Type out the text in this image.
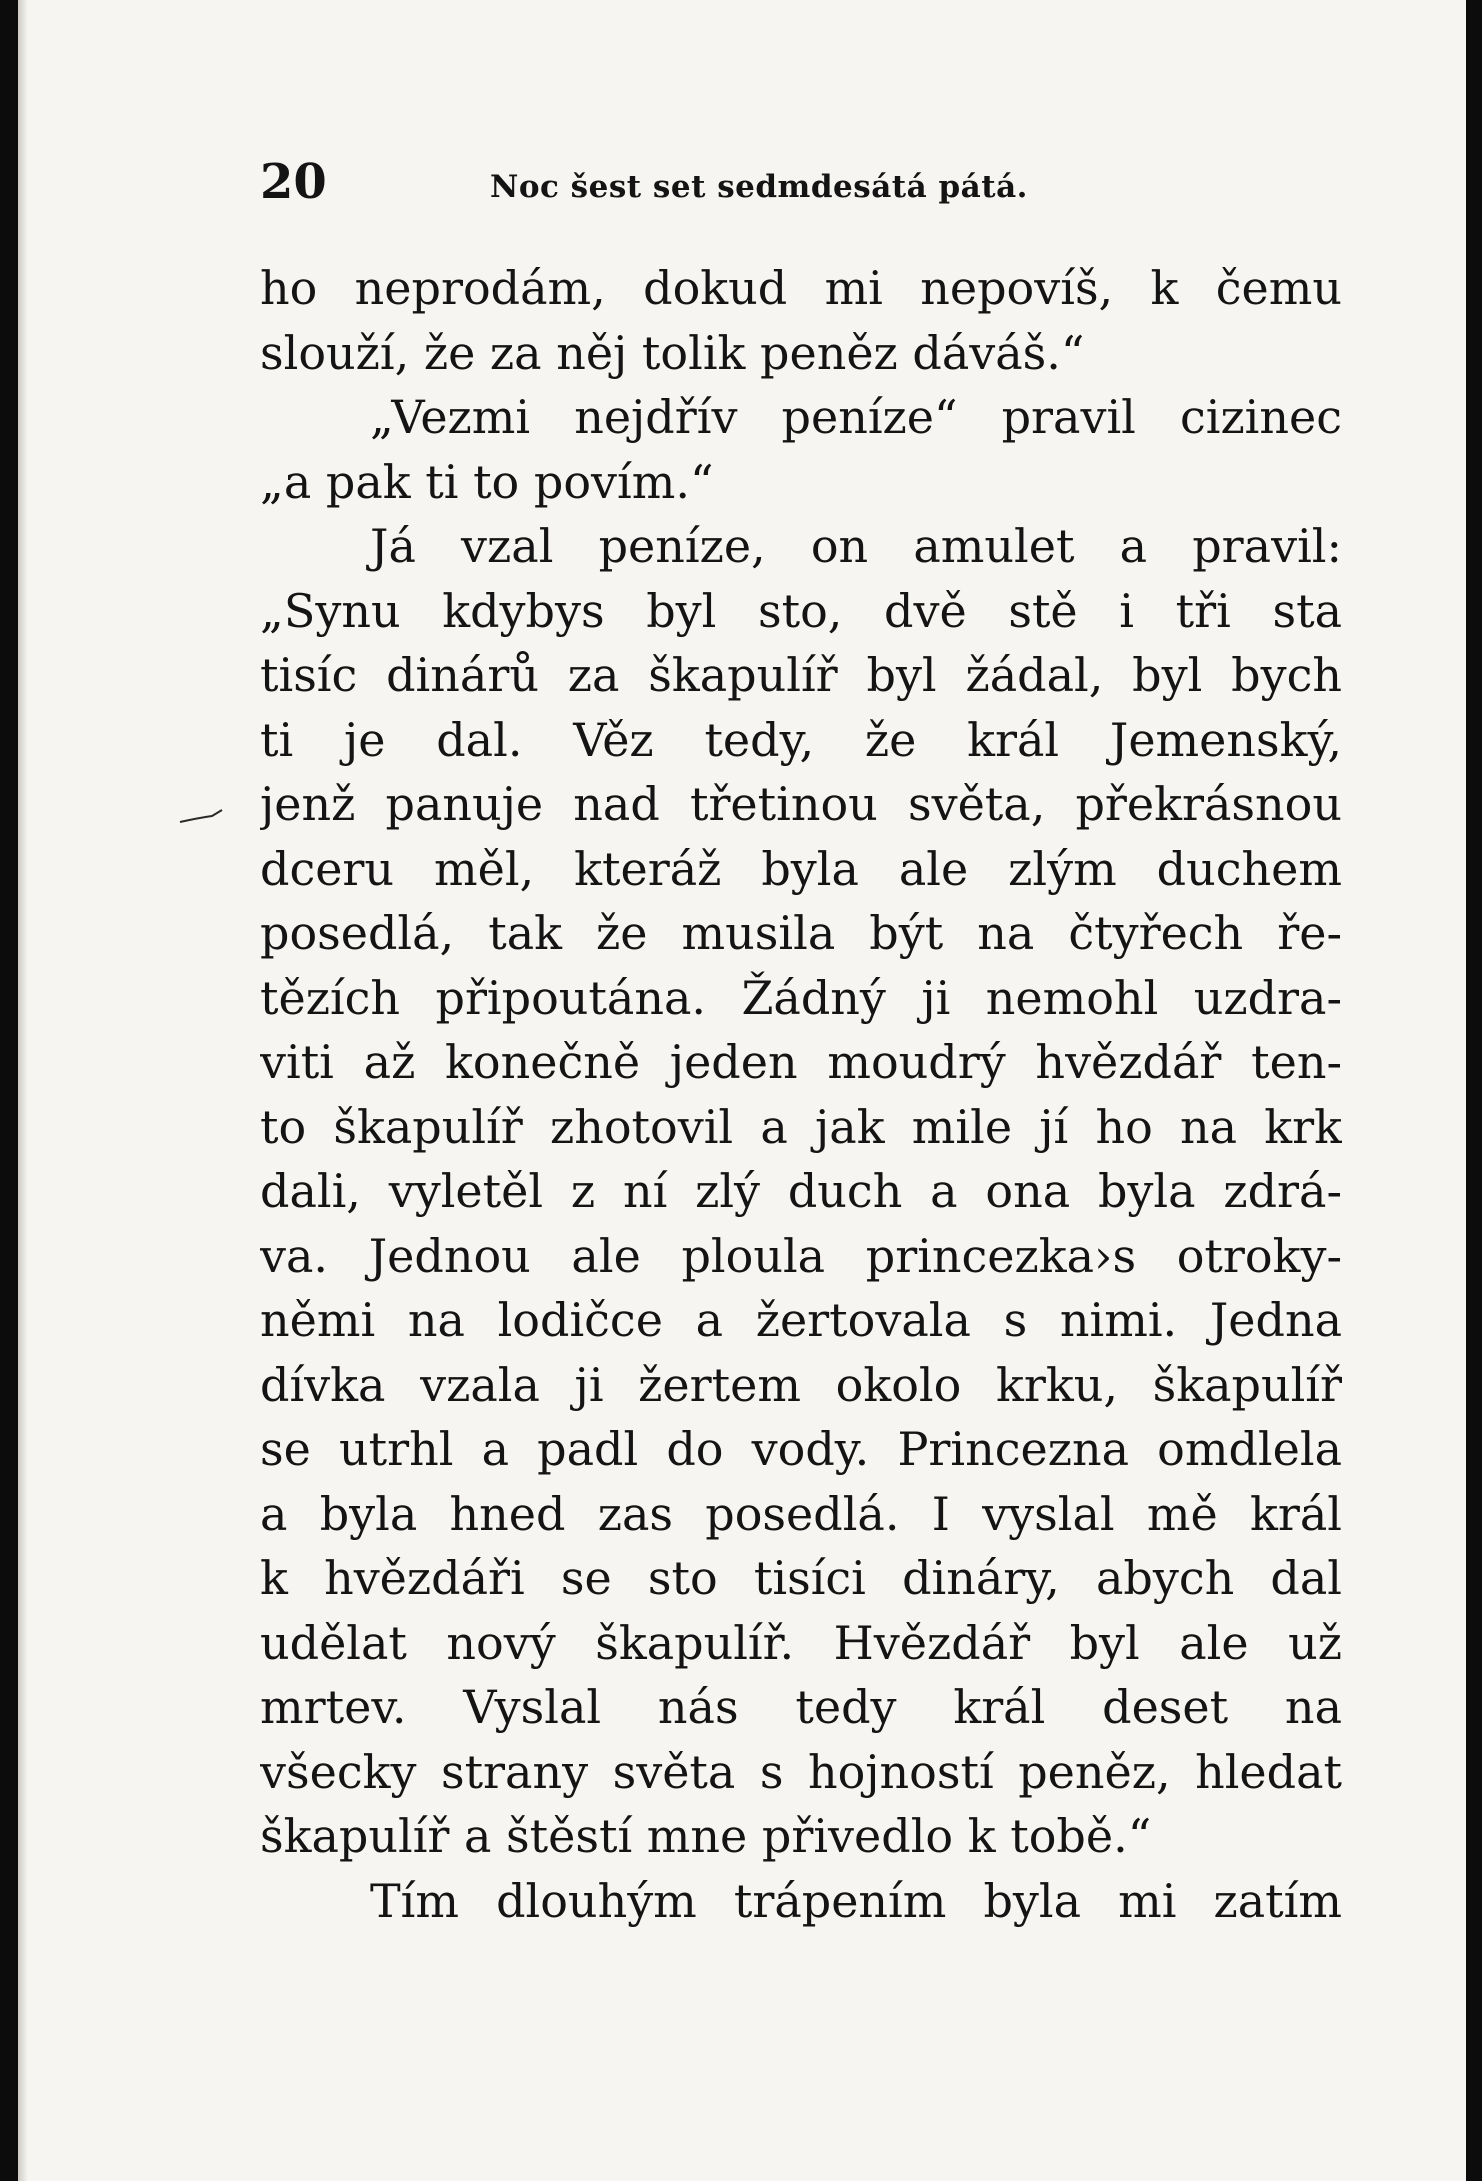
20	Noc šest set sedmdesátá pátá.
ho neprodám, dokud mi nepovíš, k čemu
slouží, že za něj tolik peněz dáváš.“
„Vezmi nejdřív peníze“ pravil cizinec
„a pak ti to povím.“
Já vzal peníze, on amulet a pravil:
„Synu kdybys byl sto, dvě stě i tři sta
tisíc dinárů za škapulíř byl žádal, byl bych
ti je dal. Věz tedy, že král Jemenský,
jenž panuje nad třetinou světa, překrásnou
dceru měl, kteráž byla ale zlým duchem
posedlá, tak že musila být na čtyřech ře-
tězích připoutána. Žádný ji nemohl uzdra-
viti až konečně jeden moudrý hvězdář ten-
to škapulíř zhotovil a jak mile jí ho na krk
dali, vyletěl z ní zlý duch a ona byla zdrá-
va. Jednou ale ploula princezka›s otroky-
němi na lodičce a žertovala s nimi. Jedna
dívka vzala ji žertem okolo krku, škapulíř
se utrhl a padl do vody. Princezna omdlela
a byla hned zas posedlá. I vyslal mě král
k hvězdáři se sto tisíci dináry, abych dal
udělat nový škapulíř. Hvězdář byl ale už
mrtev. Vyslal nás tedy král deset na
všecky strany světa s hojností peněz, hledat
škapulíř a štěstí mne přivedlo k tobě.“
Tím dlouhým trápením byla mi zatím
